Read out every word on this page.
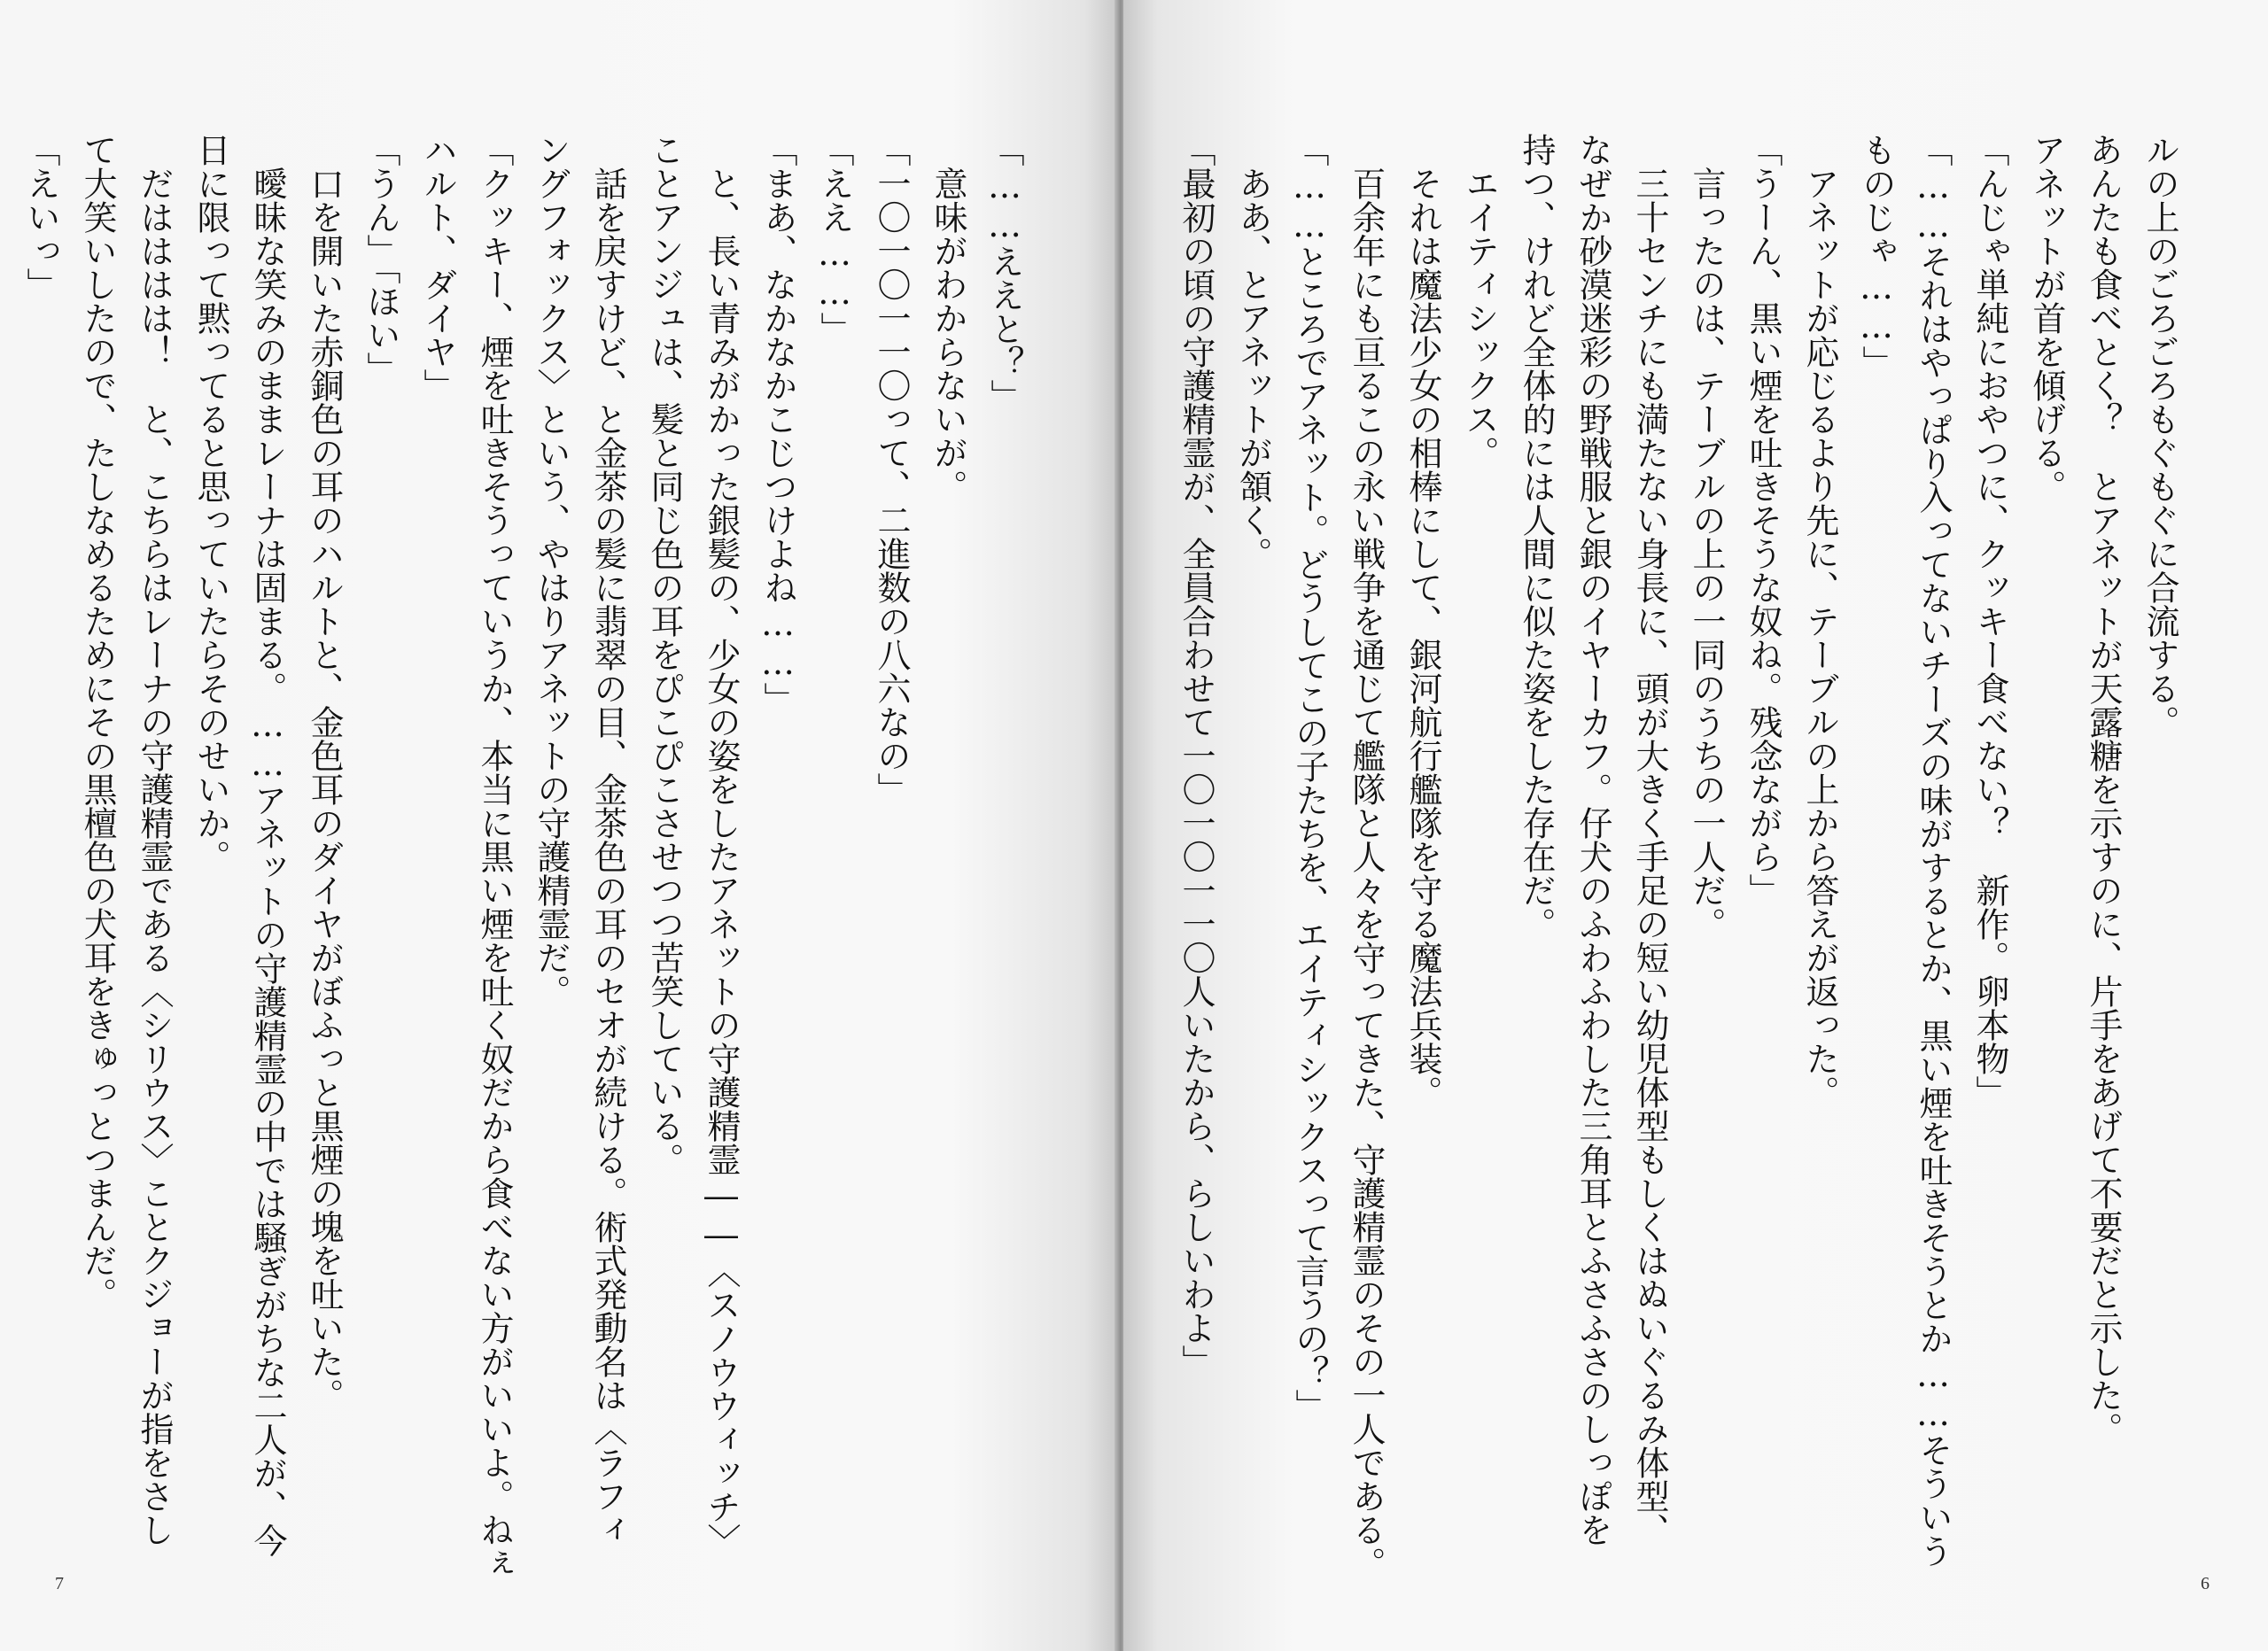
「……ええと？」
　意味がわからないが。
「一〇一〇一一〇って、二進数の八六なの」
「ええ……」
「まあ、なかなかこじつけよね……」
　と、長い青みがかった銀髪の、少女の姿をしたアネットの守護精霊――〈スノウウィッチ〉
ことアンジュは、髪と同じ色の耳をぴこぴこさせつつ苦笑している。
　話を戻すけど、と金茶の髪に翡翠の目、金茶色の耳のセオが続ける。術式発動名は〈ラフィ
ングフォックス〉という、やはりアネットの守護精霊だ。
「クッキー、煙を吐きそうっていうか、本当に黒い煙を吐く奴だから食べない方がいいよ。ねぇ
ハルト、ダイヤ」
「うん」「ほい」
　口を開いた赤銅色の耳のハルトと、金色耳のダイヤがぼふっと黒煙の塊を吐いた。
　曖昧な笑みのままレーナは固まる。……アネットの守護精霊の中では騒ぎがちな二人が、今
日に限って黙ってると思っていたらそのせいか。
　だはははは！　と、こちらはレーナの守護精霊である〈シリウス〉ことクジョーが指をさし
て大笑いしたので、たしなめるためにその黒檀色の犬耳をきゅっとつまんだ。
「えいっ」
7
ルの上のごろごろもぐもぐに合流する。
あんたも食べとく？　とアネットが天露糖を示すのに、片手をあげて不要だと示した。
アネットが首を傾げる。
「んじゃ単純におやつに、クッキー食べない？　新作。卵本物」
「……それはやっぱり入ってないチーズの味がするとか、黒い煙を吐きそうとか……そういう
ものじゃ……」
　アネットが応じるより先に、テーブルの上から答えが返った。
「うーん、黒い煙を吐きそうな奴ね。残念ながら」
　言ったのは、テーブルの上の一同のうちの一人だ。
　三十センチにも満たない身長に、頭が大きく手足の短い幼児体型もしくはぬいぐるみ体型、
なぜか砂漠迷彩の野戦服と銀のイヤーカフ。仔犬のふわふわした三角耳とふさふさのしっぽを
持つ、けれど全体的には人間に似た姿をした存在だ。
　エイティシックス。
　それは魔法少女の相棒にして、銀河航行艦隊を守る魔法兵装。
　百余年にも亘るこの永い戦争を通じて艦隊と人々を守ってきた、守護精霊のその一人である。
「……ところでアネット。どうしてこの子たちを、エイティシックスって言うの？」
　ああ、とアネットが頷く。
「最初の頃の守護精霊が、全員合わせて一〇一〇一一〇人いたから、らしいわよ」
6
